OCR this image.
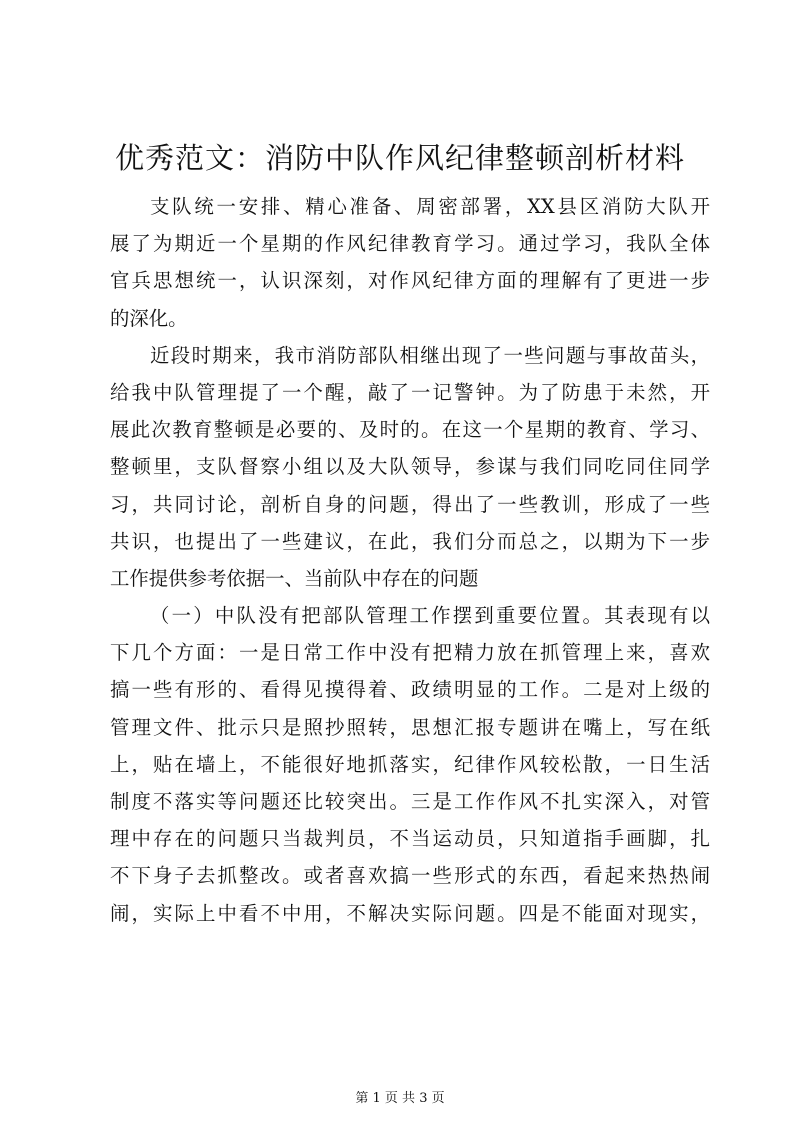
优秀范文：消防中队作风纪律整顿剖析材料
支队统一安排、精心准备、周密部署，XX县区消防大队开
展了为期近一个星期的作风纪律教育学习。通过学习，我队全体
官兵思想统一，认识深刻，对作风纪律方面的理解有了更进一步
的深化。
近段时期来，我市消防部队相继出现了一些问题与事故苗头，
给我中队管理提了一个醒，敲了一记警钟。为了防患于未然，开
展此次教育整顿是必要的、及时的。在这一个星期的教育、学习、
整顿里，支队督察小组以及大队领导，参谋与我们同吃同住同学
习，共同讨论，剖析自身的问题，得出了一些教训，形成了一些
共识，也提出了一些建议，在此，我们分而总之，以期为下一步
工作提供参考依据一、当前队中存在的问题
（一）中队没有把部队管理工作摆到重要位置。其表现有以
下几个方面：一是日常工作中没有把精力放在抓管理上来，喜欢
搞一些有形的、看得见摸得着、政绩明显的工作。二是对上级的
管理文件、批示只是照抄照转，思想汇报专题讲在嘴上，写在纸
上，贴在墙上，不能很好地抓落实，纪律作风较松散，一日生活
制度不落实等问题还比较突出。三是工作作风不扎实深入，对管
理中存在的问题只当裁判员，不当运动员，只知道指手画脚，扎
不下身子去抓整改。或者喜欢搞一些形式的东西，看起来热热闹
闹，实际上中看不中用，不解决实际问题。四是不能面对现实，
第 1 页 共 3 页
